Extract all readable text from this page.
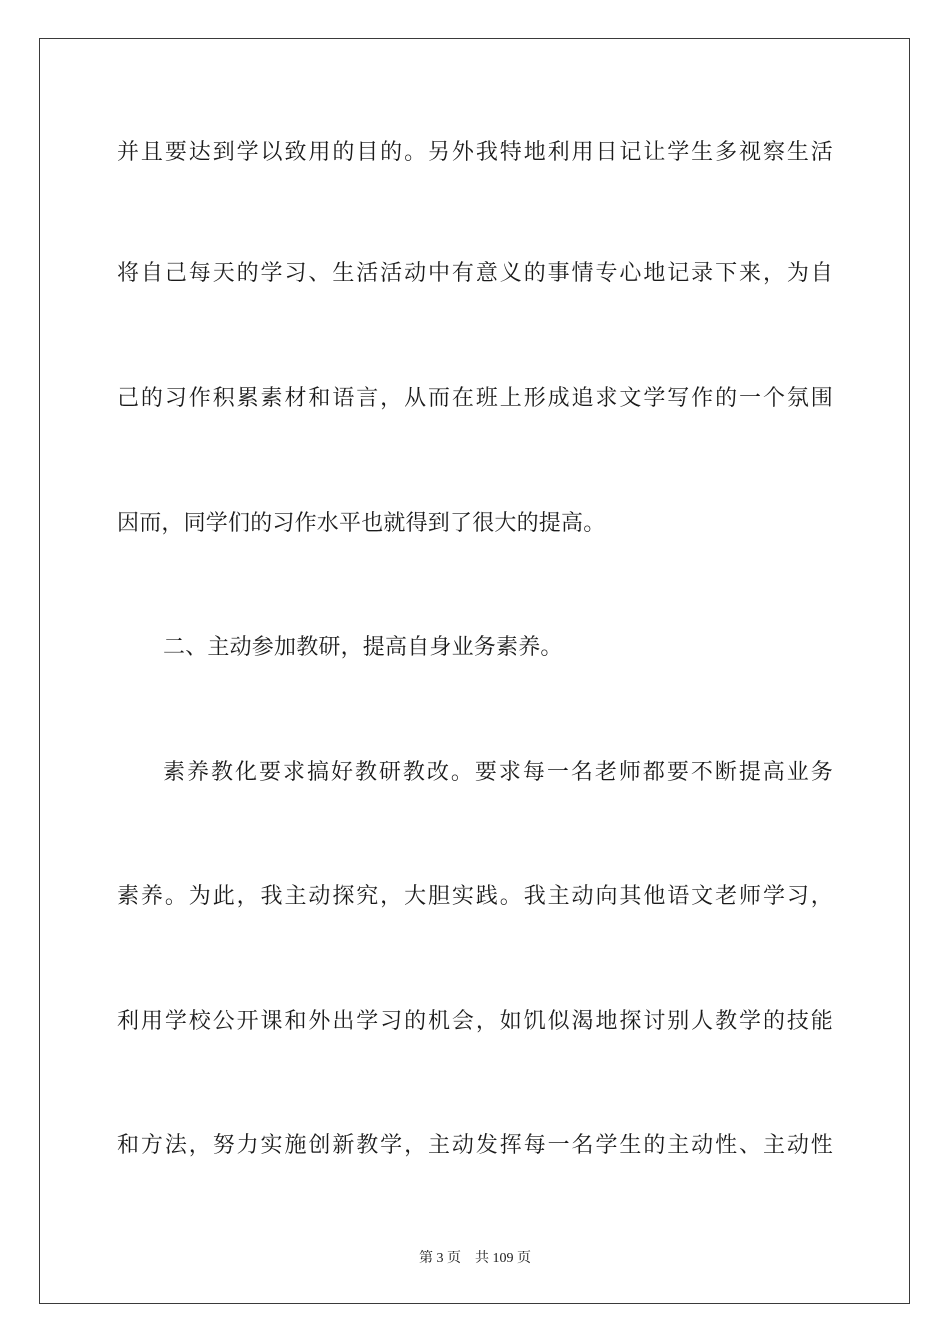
并且要达到学以致用的目的。另外我特地利用日记让学生多视察生活
将自己每天的学习、生活活动中有意义的事情专心地记录下来，为自
己的习作积累素材和语言，从而在班上形成追求文学写作的一个氛围
因而，同学们的习作水平也就得到了很大的提高。
二、主动参加教研，提高自身业务素养。
素养教化要求搞好教研教改。要求每一名老师都要不断提高业务
素养。为此，我主动探究，大胆实践。我主动向其他语文老师学习，
利用学校公开课和外出学习的机会，如饥似渴地探讨别人教学的技能
和方法，努力实施创新教学，主动发挥每一名学生的主动性、主动性
第 3 页 共 109 页
